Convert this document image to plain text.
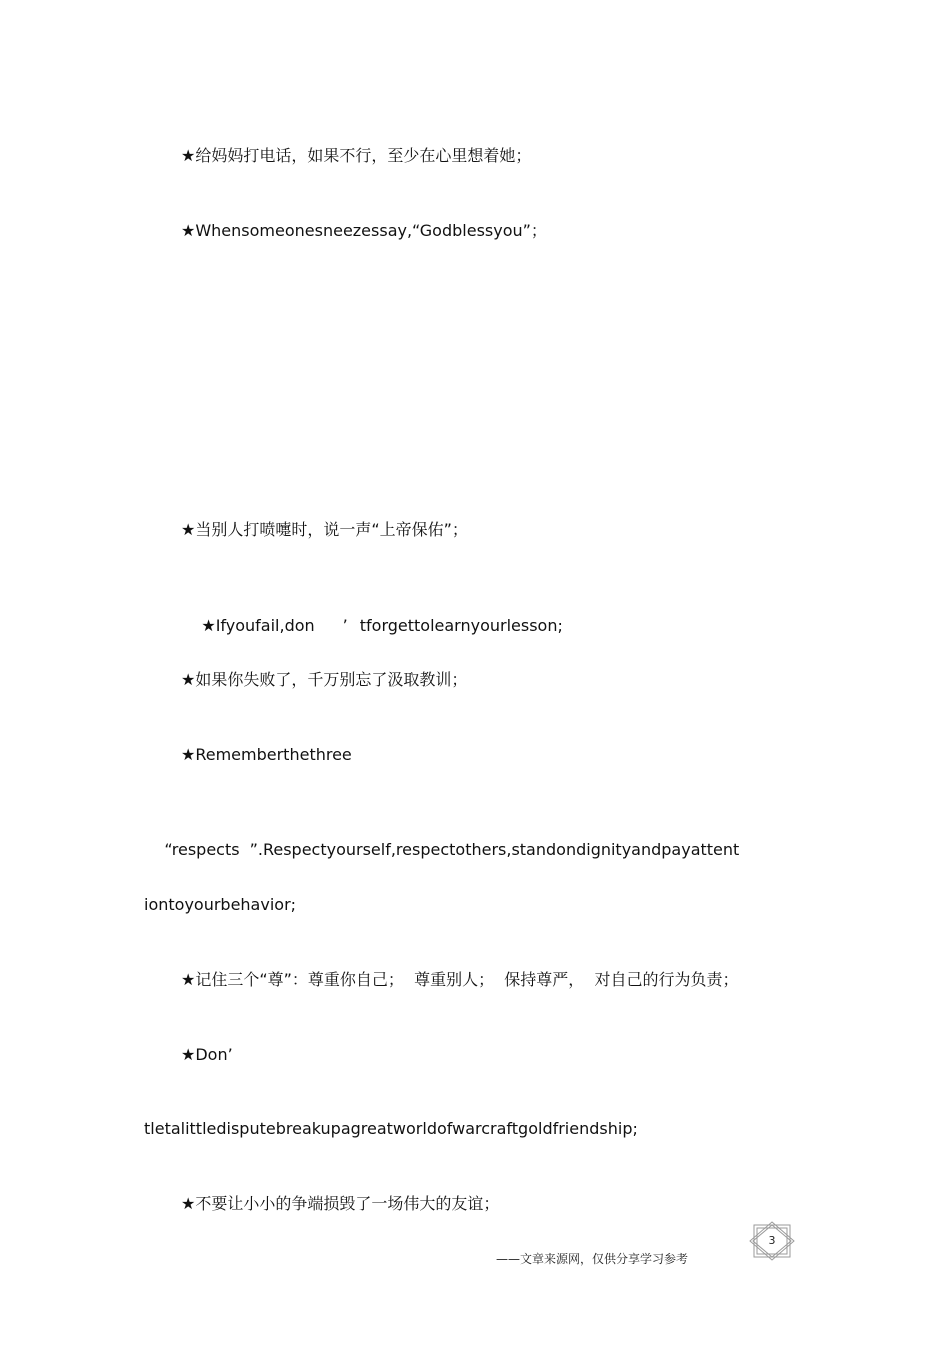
★给妈妈打电话，如果不行，至少在心里想着她；
★Whensomeonesneezessay,“Godblessyou”；
★当别人打喷嚏时，说一声“上帝保佑”；

★Ifyoufail,don ’ tforgettolearnyourlesson;

★如果你失败了，千万别忘了汲取教训；
★Rememberthethree

“respects ”.Respectyourself,respectothers,standondignityandpayattent

iontoyourbehavior;
★记住三个“尊”：尊重你自己；  尊重别人；  保持尊严，  对自己的行为负责；
★Don’
tletalittledisputebreakupagreatworldofwarcraftgoldfriendship;
★不要让小小的争端损毁了一场伟大的友谊；
3
——文章来源网，仅供分享学习参考
